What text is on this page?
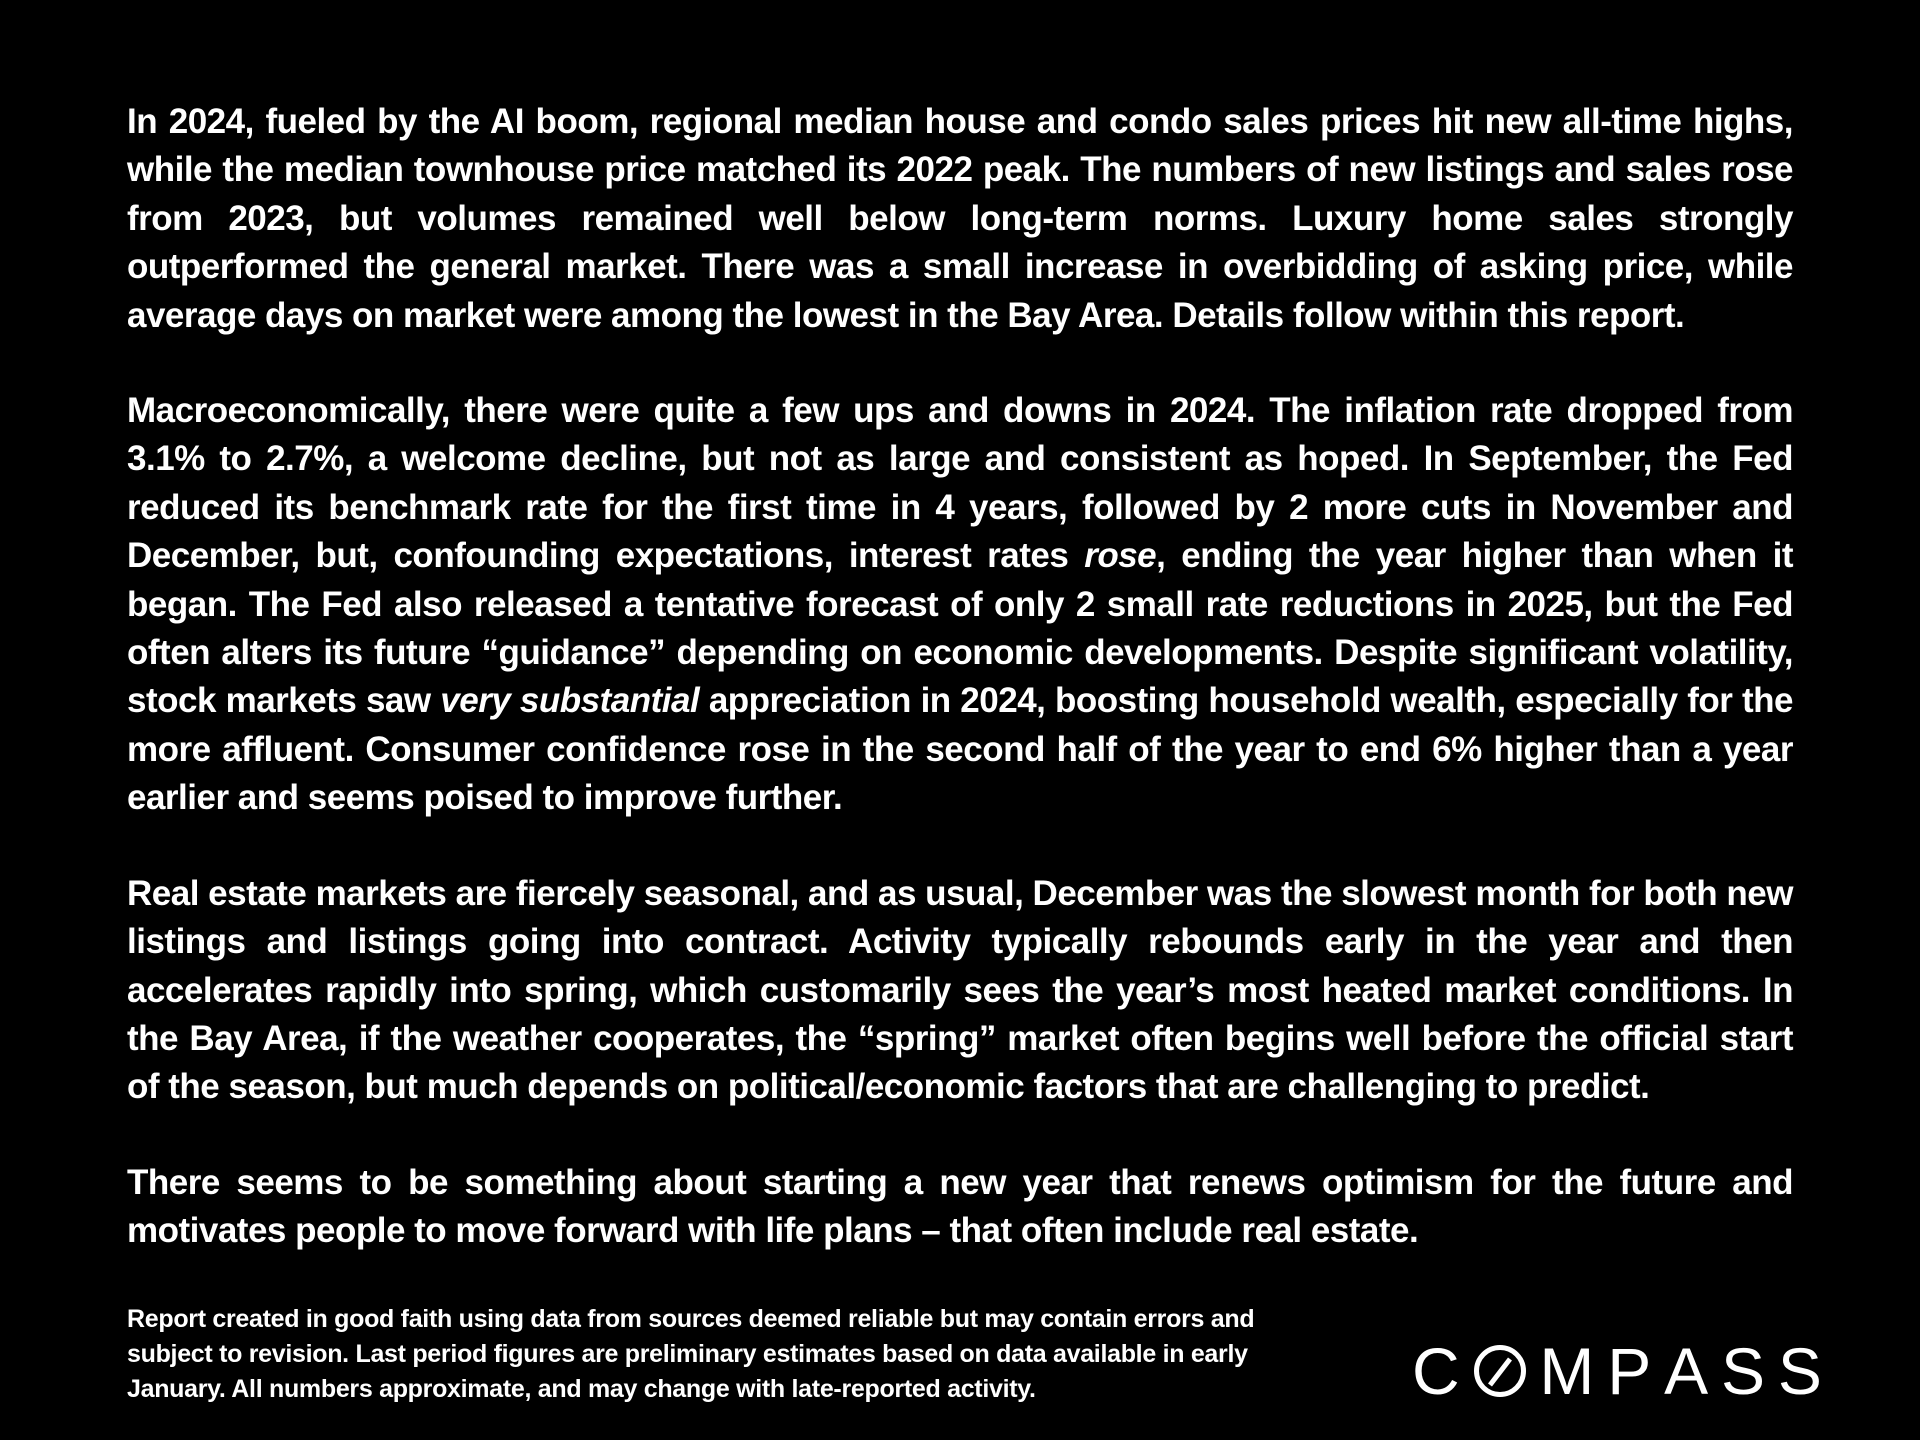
In 2024, fueled by the AI boom, regional median house and condo sales prices hit new all-time highs, while the median townhouse price matched its 2022 peak. The numbers of new listings and sales rose from 2023, but volumes remained well below long-term norms. Luxury home sales strongly outperformed the general market. There was a small increase in overbidding of asking price, while average days on market were among the lowest in the Bay Area. Details follow within this report.

Macroeconomically, there were quite a few ups and downs in 2024. The inflation rate dropped from 3.1% to 2.7%, a welcome decline, but not as large and consistent as hoped. In September, the Fed reduced its benchmark rate for the first time in 4 years, followed by 2 more cuts in November and December, but, confounding expectations, interest rates rose, ending the year higher than when it began. The Fed also released a tentative forecast of only 2 small rate reductions in 2025, but the Fed often alters its future “guidance” depending on economic developments. Despite significant volatility, stock markets saw very substantial appreciation in 2024, boosting household wealth, especially for the more affluent. Consumer confidence rose in the second half of the year to end 6% higher than a year earlier and seems poised to improve further.

Real estate markets are fiercely seasonal, and as usual, December was the slowest month for both new listings and listings going into contract. Activity typically rebounds early in the year and then accelerates rapidly into spring, which customarily sees the year’s most heated market conditions. In the Bay Area, if the weather cooperates, the “spring” market often begins well before the official start of the season, but much depends on political/economic factors that are challenging to predict.

There seems to be something about starting a new year that renews optimism for the future and motivates people to move forward with life plans – that often include real estate.

Report created in good faith using data from sources deemed reliable but may contain errors and subject to revision. Last period figures are preliminary estimates based on data available in early January. All numbers approximate, and may change with late-reported activity.	C M P A S S
